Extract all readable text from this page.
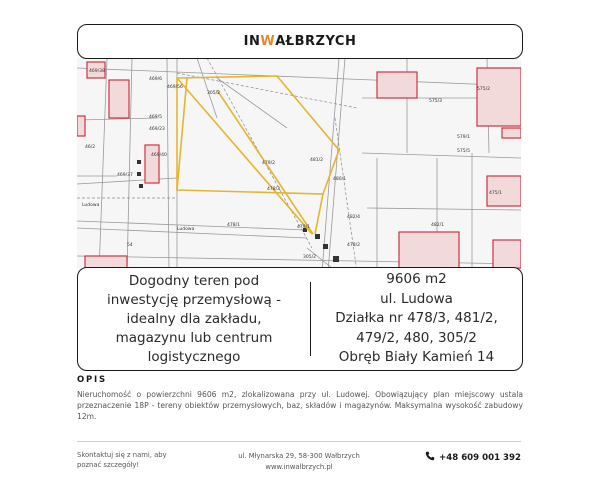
IN W AŁBRZYCH
469/38
469/6
469/5
469/23
469/56
469/37
469/40
46/2
305/2
479/2
478/3
481/2
480/1
478/1	482/1
479/1
478/2
482/4
575/3
575/2
579/1
475/1
Ludowa
Ludowa
54
305/2
575/5
Dogodny teren pod
inwestycję przemysłową -
idealny dla zakładu,
magazynu lub centrum
logistycznego
9606 m2
ul. Ludowa
Działka nr 478/3, 481/2,
479/2, 480, 305/2
Obręb Biały Kamień 14
OPIS
Nieruchomość o powierzchni 9606 m2, zlokalizowana przy ul. Ludowej. Obowiązujący plan miejscowy ustala przeznaczenie 18P - tereny obiektów przemysłowych, baz, składów i magazynów. Maksymalna wysokość zabudowy 12m.
Skontaktuj się z nami, aby
poznać szczegóły!
ul. Młynarska 29, 58-300 Wałbrzych
www.inwalbrzych.pl
+48 609 001 392
